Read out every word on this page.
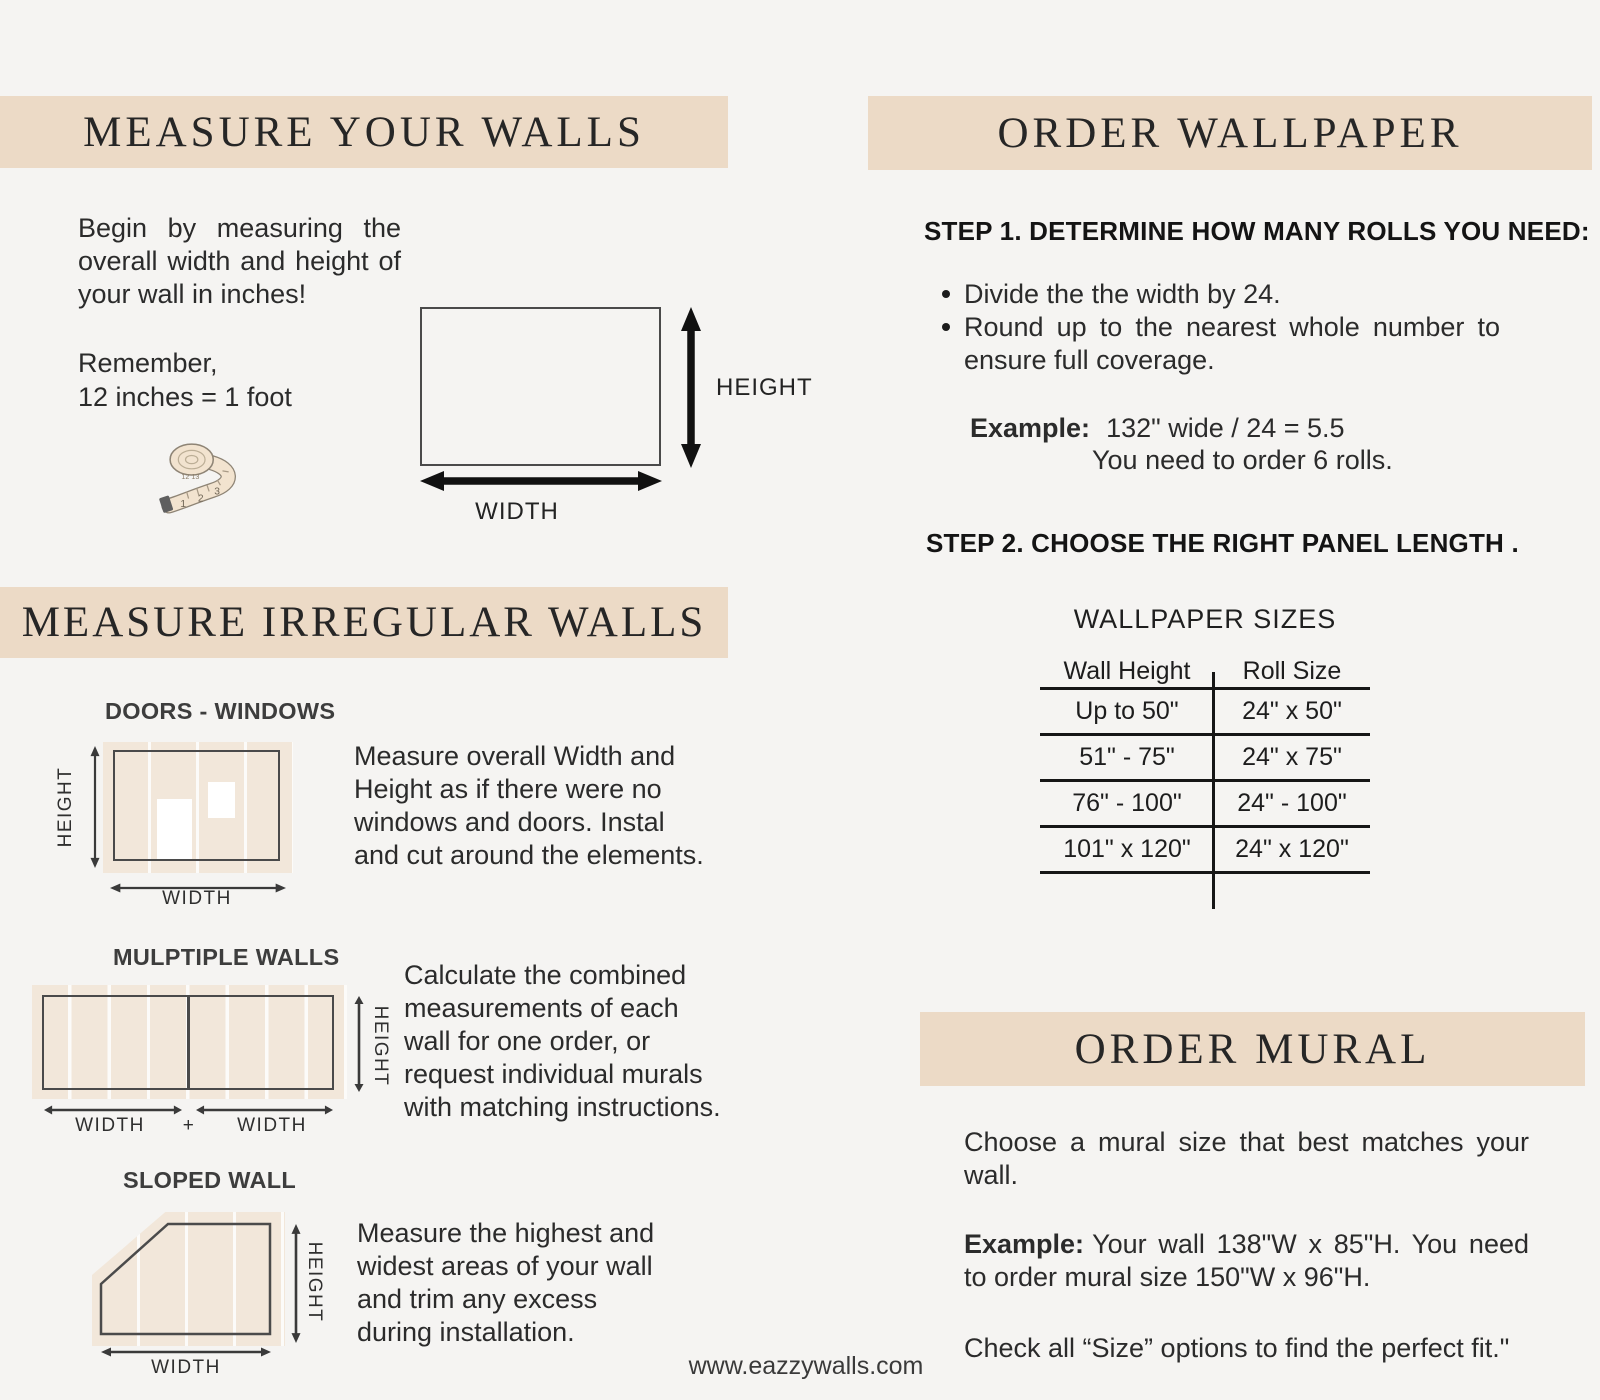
MEASURE YOUR WALLS
Begin by measuring the overall width and height of your wall in inches!
Remember,
12 inches = 1 foot
1 2
3
12 13
HEIGHT
WIDTH
MEASURE IRREGULAR WALLS
DOORS - WINDOWS
HEIGHT
WIDTH
Measure overall Width and
Height as if there were no
windows and doors. Instal
and cut around the elements.
MULPTIPLE WALLS
HEIGHT
WIDTH	+	WIDTH
Calculate the combined
measurements of each
wall for one order, or
request individual murals
with matching instructions.
SLOPED WALL
HEIGHT
WIDTH
Measure the highest and
widest areas of your wall
and trim any excess
during installation.
ORDER WALLPAPER
STEP 1. DETERMINE HOW MANY ROLLS YOU NEED:
Divide the the width by 24.
Round up to the nearest whole number to ensure full coverage.
Example: 132" wide / 24 = 5.5
You need to order 6 rolls.
STEP 2. CHOOSE THE RIGHT PANEL LENGTH .
WALLPAPER SIZES
Wall Height	Roll Size
Up to 50"	24" x 50"
51" - 75"	24" x 75"
76" - 100"	24" - 100"
101" x 120"	24" x 120"
ORDER MURAL
Choose a mural size that best matches your wall.
Example: Your wall 138"W x 85"H. You need to order mural size 150"W x 96"H.
Check all “Size” options to find the perfect fit."
www.eazzywalls.com
